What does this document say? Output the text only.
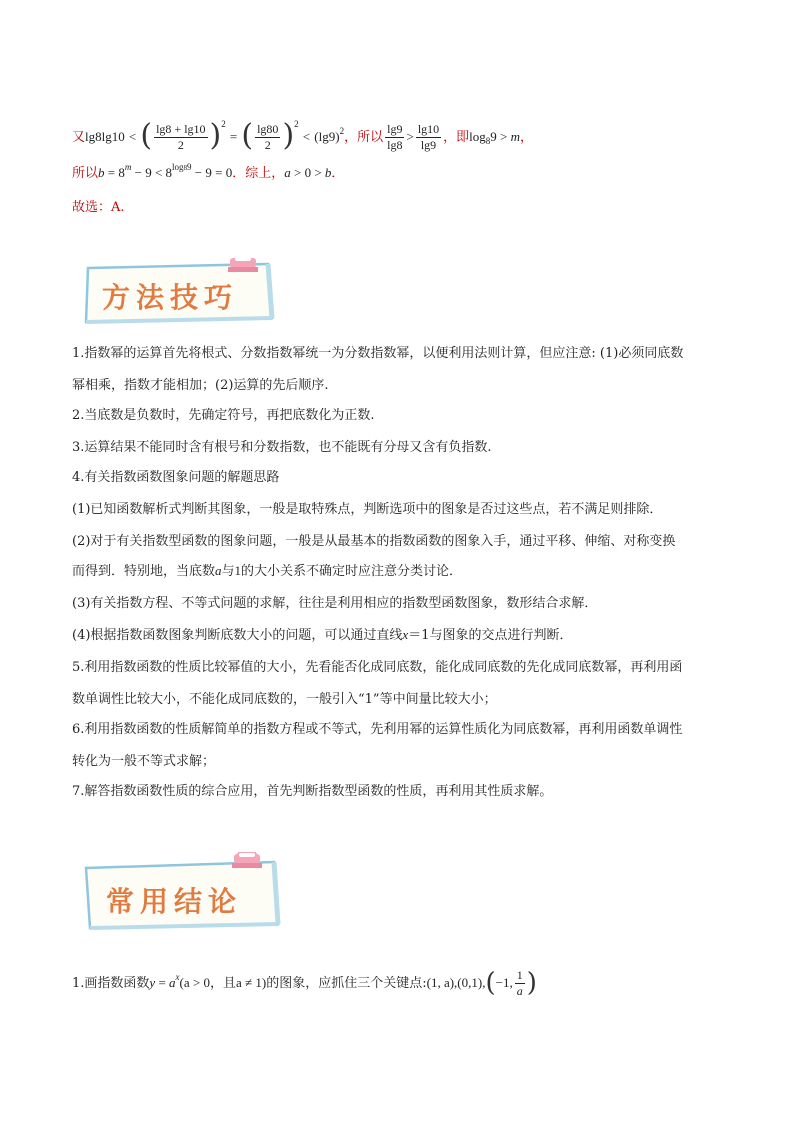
又lg8lg10 < ( $\frac{\lg 8 + \lg 10}{2} )^2$ = ( $\frac{\lg 80}{2} )^2 < (\lg 9)^2$，所以 $\frac{\lg 9}{\lg 8} > \frac{\lg 10}{\lg 9}$ ，即$\log_89 > m$，
所以$b = 8^m - 9 < 8^{log89} - 9 = 0$．综上，a > 0 > b．
故选：A.
方法技巧
1.指数幂的运算首先将根式、分数指数幂统一为分数指数幂，以便利用法则计算，但应注意: (1)必须同底数
幂相乘，指数才能相加；(2)运算的先后顺序.
2.当底数是负数时，先确定符号，再把底数化为正数.
3.运算结果不能同时含有根号和分数指数，也不能既有分母又含有负指数.
4.有关指数函数图象问题的解题思路
(1)已知函数解析式判断其图象，一般是取特殊点，判断选项中的图象是否过这些点，若不满足则排除．
(2)对于有关指数型函数的图象问题，一般是从最基本的指数函数的图象入手，通过平移、伸缩、对称变换
而得到．特别地，当底数a与1的大小关系不确定时应注意分类讨论．
(3)有关指数方程、不等式问题的求解，往往是利用相应的指数型函数图象，数形结合求解．
(4)根据指数函数图象判断底数大小的问题，可以通过直线x＝1与图象的交点进行判断．
5.利用指数函数的性质比较幂值的大小，先看能否化成同底数，能化成同底数的先化成同底数幂，再利用函
数单调性比较大小，不能化成同底数的，一般引入“1”等中间量比较大小；
6.利用指数函数的性质解简单的指数方程或不等式，先利用幂的运算性质化为同底数幂，再利用函数单调性
转化为一般不等式求解；
7.解答指数函数性质的综合应用，首先判断指数型函数的性质，再利用其性质求解。
常用结论
1.画指数函数$y = a^x(a > 0$，且a ≠ 1)的图象，应抓住三个关键点:(1, a),(0,1),(−1, $\frac{1}{a}$ )
